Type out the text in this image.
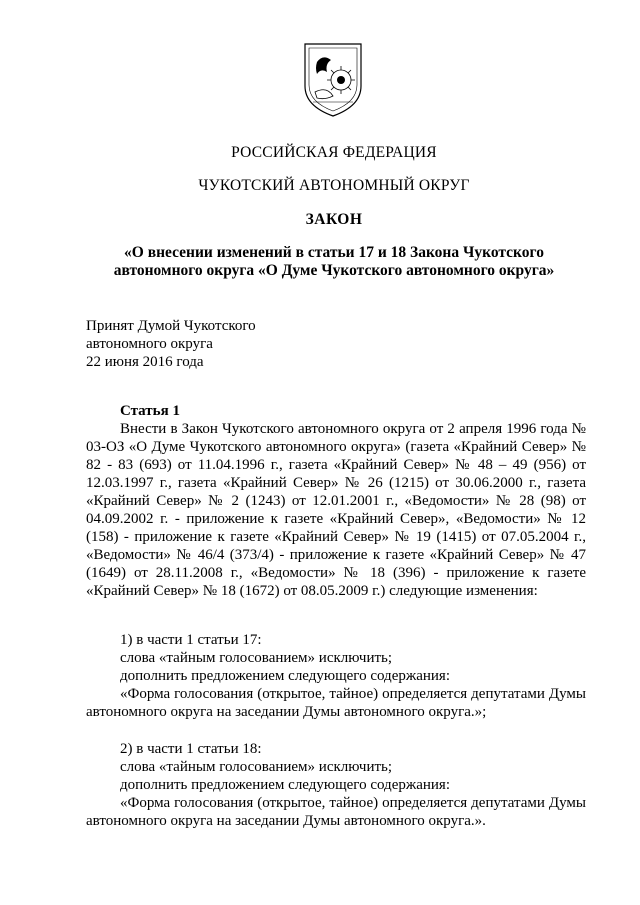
РОССИЙСКАЯ ФЕДЕРАЦИЯ
ЧУКОТСКИЙ АВТОНОМНЫЙ ОКРУГ
ЗАКОН
«О внесении изменений в статьи 17 и 18 Закона Чукотского автономного округа «О Думе Чукотского автономного округа»
Принят Думой Чукотского
автономного округа
22 июня 2016 года
Статья 1
Внести в Закон Чукотского автономного округа от 2 апреля 1996 года № 03-ОЗ «О Думе Чукотского автономного округа» (газета «Крайний Север» № 82 - 83 (693) от 11.04.1996 г., газета «Крайний Север» № 48 – 49 (956) от 12.03.1997 г., газета «Крайний Север» № 26 (1215) от 30.06.2000 г., газета «Крайний Север» № 2 (1243) от 12.01.2001 г., «Ведомости» № 28 (98) от 04.09.2002 г. - приложение к газете «Крайний Север», «Ведомости» № 12 (158) - приложение к газете «Крайний Север» № 19 (1415) от 07.05.2004 г., «Ведомости» № 46/4 (373/4) - приложение к газете «Крайний Север» № 47 (1649) от 28.11.2008 г., «Ведомости» № 18 (396) - приложение к газете «Крайний Север» № 18 (1672) от 08.05.2009 г.) следующие изменения:
1) в части 1 статьи 17:
слова «тайным голосованием» исключить;
дополнить предложением следующего содержания:
«Форма голосования (открытое, тайное) определяется депутатами Думы автономного округа на заседании Думы автономного округа.»;
2) в части 1 статьи 18:
слова «тайным голосованием» исключить;
дополнить предложением следующего содержания:
«Форма голосования (открытое, тайное) определяется депутатами Думы автономного округа на заседании Думы автономного округа.».
